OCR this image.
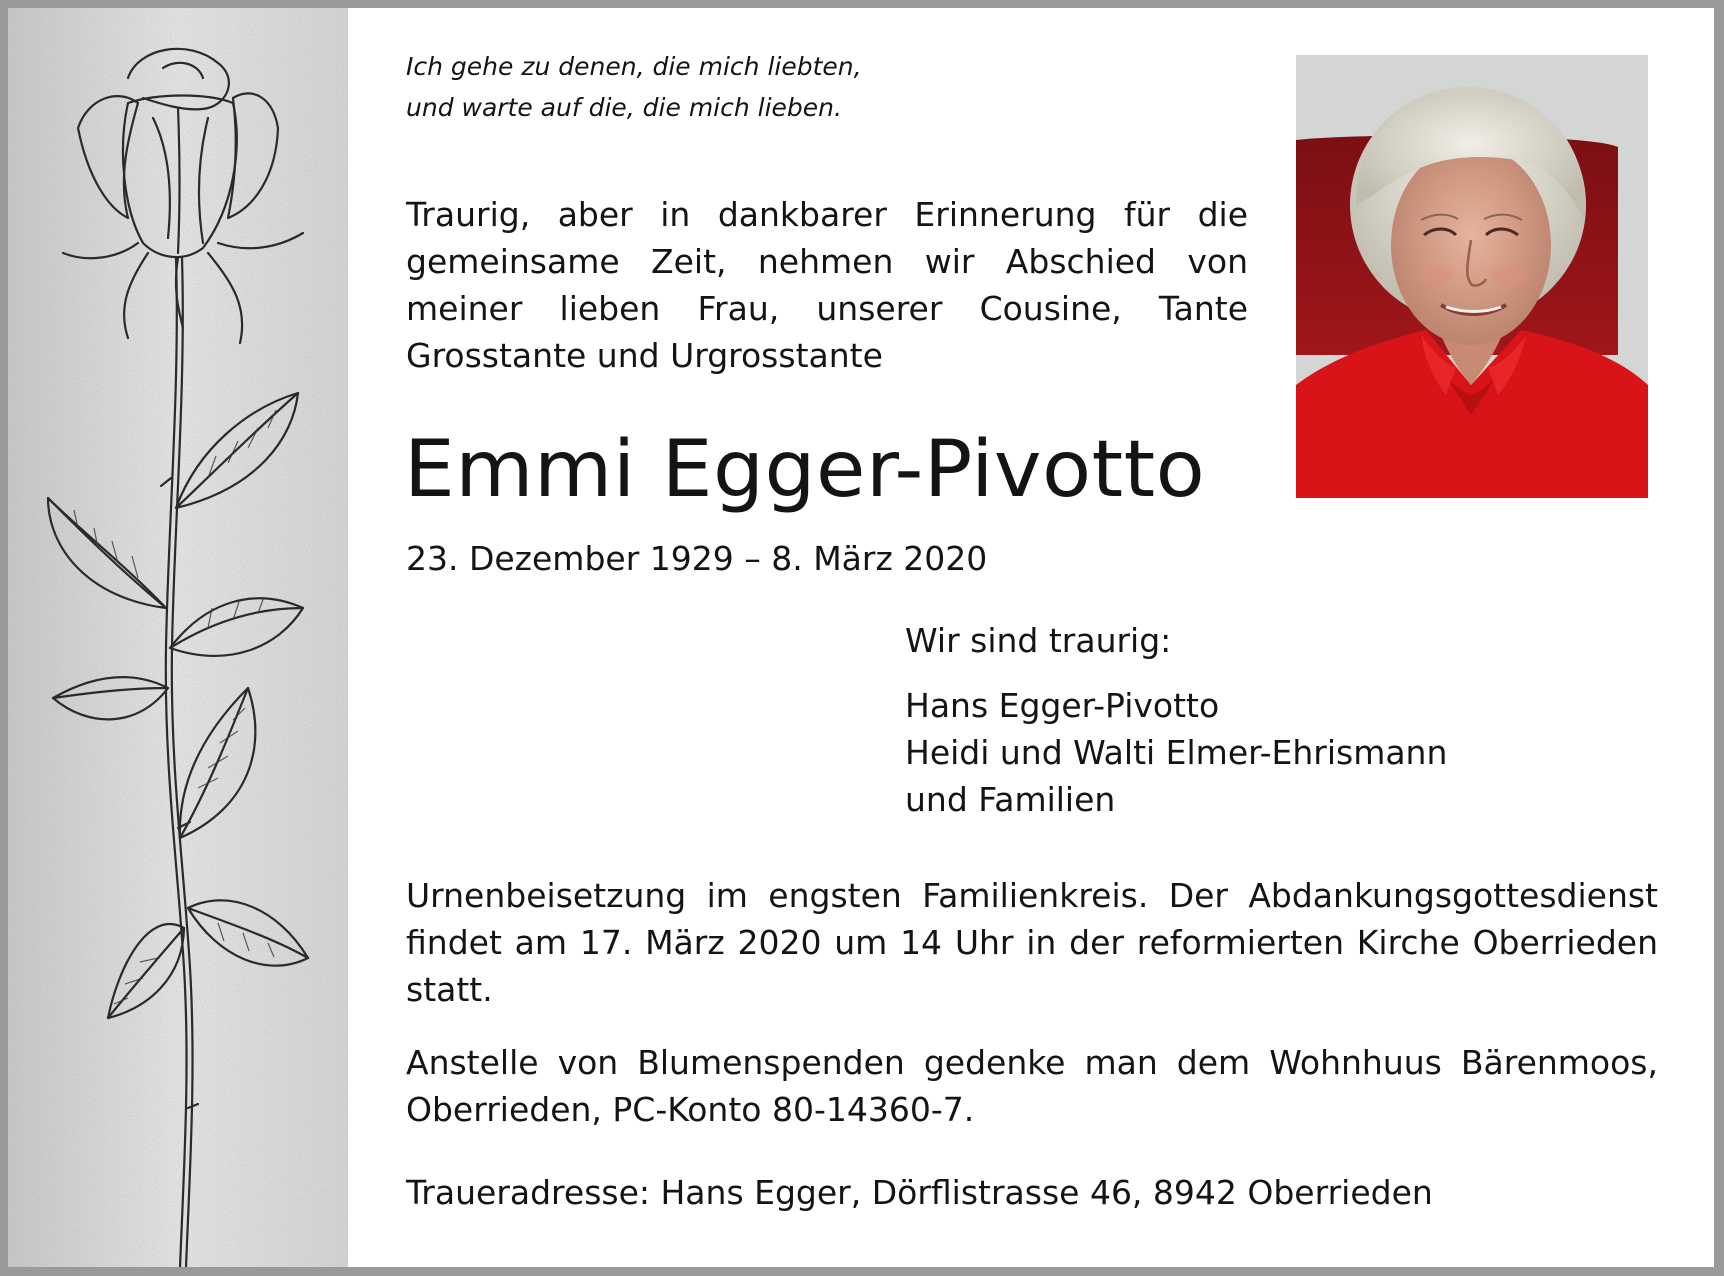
Ich gehe zu denen, die mich liebten,
und warte auf die, die mich lieben.

Traurig, aber in dankbarer Erinnerung für die gemeinsame Zeit, nehmen wir Abschied von meiner lieben Frau, unserer Cousine, Tante Grosstante und Urgrosstante

Emmi Egger-Pivotto

23. Dezember 1929 – 8. März 2020

Wir sind traurig:

Hans Egger-Pivotto
Heidi und Walti Elmer-Ehrismann
und Familien

Urnenbeisetzung im engsten Familienkreis. Der Abdankungsgottesdienst findet am 17. März 2020 um 14 Uhr in der reformierten Kirche Oberrieden statt.

Anstelle von Blumenspenden gedenke man dem Wohnhuus Bärenmoos, Oberrieden, PC-Konto 80-14360-7.

Traueradresse: Hans Egger, Dörflistrasse 46, 8942 Oberrieden
